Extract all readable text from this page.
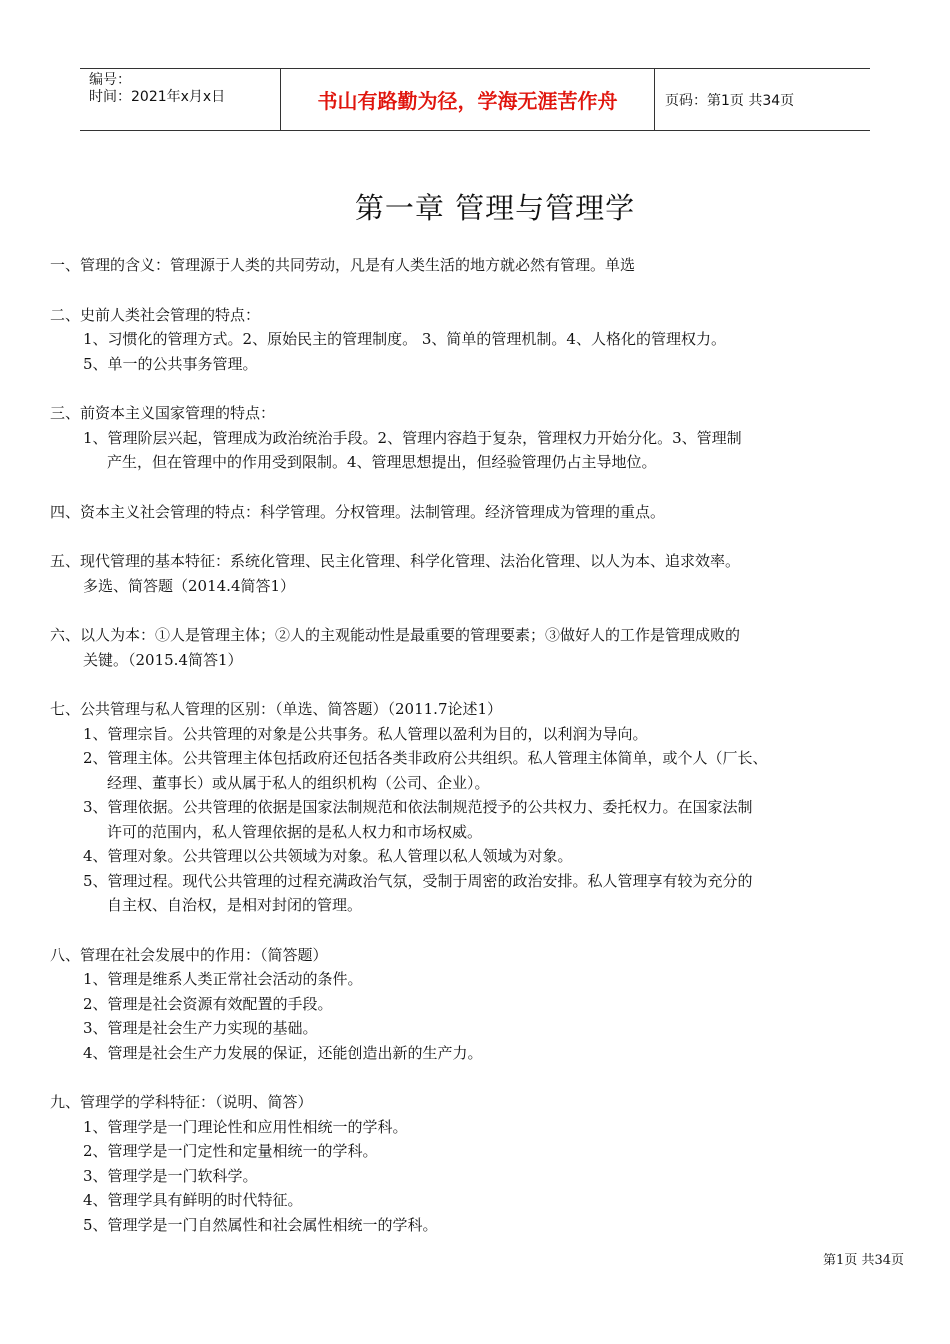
编号：
时间：2021年x月x日	书山有路勤为径，学海无涯苦作舟	页码：第1页 共34页
第一章 管理与管理学
一、管理的含义：管理源于人类的共同劳动，凡是有人类生活的地方就必然有管理。单选
二、史前人类社会管理的特点：
1、习惯化的管理方式。2、原始民主的管理制度。 3、简单的管理机制。4、人格化的管理权力。
5、单一的公共事务管理。
三、前资本主义国家管理的特点：
1、管理阶层兴起，管理成为政治统治手段。2、管理内容趋于复杂，管理权力开始分化。3、管理制
产生，但在管理中的作用受到限制。4、管理思想提出，但经验管理仍占主导地位。
四、资本主义社会管理的特点：科学管理。分权管理。法制管理。经济管理成为管理的重点。
五、现代管理的基本特征：系统化管理、民主化管理、科学化管理、法治化管理、以人为本、追求效率。
多选、简答题（2014.4简答1）
六、以人为本：①人是管理主体；②人的主观能动性是最重要的管理要素；③做好人的工作是管理成败的
关键。（2015.4简答1）
七、公共管理与私人管理的区别：（单选、简答题）（2011.7论述1）
1、管理宗旨。公共管理的对象是公共事务。私人管理以盈利为目的，以利润为导向。
2、管理主体。公共管理主体包括政府还包括各类非政府公共组织。私人管理主体简单，或个人（厂长、
经理、董事长）或从属于私人的组织机构（公司、企业）。
3、管理依据。公共管理的依据是国家法制规范和依法制规范授予的公共权力、委托权力。在国家法制
许可的范围内，私人管理依据的是私人权力和市场权威。
4、管理对象。公共管理以公共领域为对象。私人管理以私人领域为对象。
5、管理过程。现代公共管理的过程充满政治气氛，受制于周密的政治安排。私人管理享有较为充分的
自主权、自治权，是相对封闭的管理。
八、管理在社会发展中的作用：（简答题）
1、管理是维系人类正常社会活动的条件。
2、管理是社会资源有效配置的手段。
3、管理是社会生产力实现的基础。
4、管理是社会生产力发展的保证，还能创造出新的生产力。
九、管理学的学科特征：（说明、简答）
1、管理学是一门理论性和应用性相统一的学科。
2、管理学是一门定性和定量相统一的学科。
3、管理学是一门软科学。
4、管理学具有鲜明的时代特征。
5、管理学是一门自然属性和社会属性相统一的学科。
第1页 共34页
